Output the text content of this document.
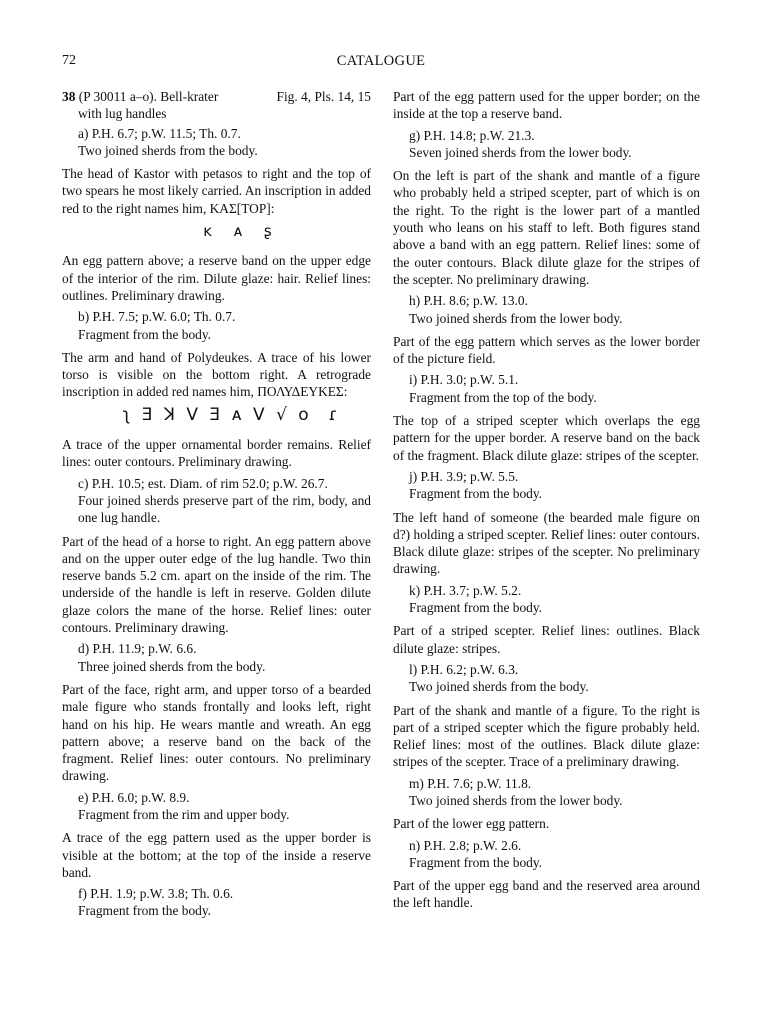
72	CATALOGUE
38 (P 30011 a–o). Bell-krater	Fig. 4, Pls. 14, 15
with lug handles
a) P.H. 6.7; p.W. 11.5; Th. 0.7.
Two joined sherds from the body.

The head of Kastor with petasos to right and the top of two spears he most likely carried. An inscription in added red to the right names him, ΚΑΣ[ΤΟΡ]:

ĸ  ᴀ  ʂ

An egg pattern above; a reserve band on the upper edge of the interior of the rim. Dilute glaze: hair. Relief lines: outlines. Preliminary drawing.

b) P.H. 7.5; p.W. 6.0; Th. 0.7.
Fragment from the body.

The arm and hand of Polydeukes. A trace of his lower torso is visible on the bottom right. A retrograde inscription in added red names him, ΠΟΛΥΔΕΥΚΕΣ:

ʅ Ǝ ꓘ V Ǝ ᴀ V √ o  ɾ

A trace of the upper ornamental border remains. Relief lines: outer contours. Preliminary drawing.

c) P.H. 10.5; est. Diam. of rim 52.0; p.W. 26.7.
Four joined sherds preserve part of the rim, body, and one lug handle.

Part of the head of a horse to right. An egg pattern above and on the upper outer edge of the lug handle. Two thin reserve bands 5.2 cm. apart on the inside of the rim. The underside of the handle is left in reserve. Golden dilute glaze colors the mane of the horse. Relief lines: outer contours. Preliminary drawing.

d) P.H. 11.9; p.W. 6.6.
Three joined sherds from the body.

Part of the face, right arm, and upper torso of a bearded male figure who stands frontally and looks left, right hand on his hip. He wears mantle and wreath. An egg pattern above; a reserve band on the back of the fragment. Relief lines: outer contours. No preliminary drawing.

e) P.H. 6.0; p.W. 8.9.
Fragment from the rim and upper body.

A trace of the egg pattern used as the upper border is visible at the bottom; at the top of the inside a reserve band.

f) P.H. 1.9; p.W. 3.8; Th. 0.6.
Fragment from the body.

Part of the egg pattern used for the upper border; on the inside at the top a reserve band.

g) P.H. 14.8; p.W. 21.3.
Seven joined sherds from the lower body.

On the left is part of the shank and mantle of a figure who probably held a striped scepter, part of which is on the right. To the right is the lower part of a mantled youth who leans on his staff to left. Both figures stand above a band with an egg pattern. Relief lines: some of the outer contours. Black dilute glaze for the stripes of the scepter. No preliminary drawing.

h) P.H. 8.6; p.W. 13.0.
Two joined sherds from the lower body.

Part of the egg pattern which serves as the lower border of the picture field.

i) P.H. 3.0; p.W. 5.1.
Fragment from the top of the body.

The top of a striped scepter which overlaps the egg pattern for the upper border. A reserve band on the back of the fragment. Black dilute glaze: stripes of the scepter.

j) P.H. 3.9; p.W. 5.5.
Fragment from the body.

The left hand of someone (the bearded male figure on d?) holding a striped scepter. Relief lines: outer contours. Black dilute glaze: stripes of the scepter. No preliminary drawing.

k) P.H. 3.7; p.W. 5.2.
Fragment from the body.

Part of a striped scepter. Relief lines: outlines. Black dilute glaze: stripes.

l) P.H. 6.2; p.W. 6.3.
Two joined sherds from the body.

Part of the shank and mantle of a figure. To the right is part of a striped scepter which the figure probably held. Relief lines: most of the outlines. Black dilute glaze: stripes of the scepter. Trace of a preliminary drawing.

m) P.H. 7.6; p.W. 11.8.
Two joined sherds from the lower body.

Part of the lower egg pattern.

n) P.H. 2.8; p.W. 2.6.
Fragment from the body.

Part of the upper egg band and the reserved area around the left handle.
